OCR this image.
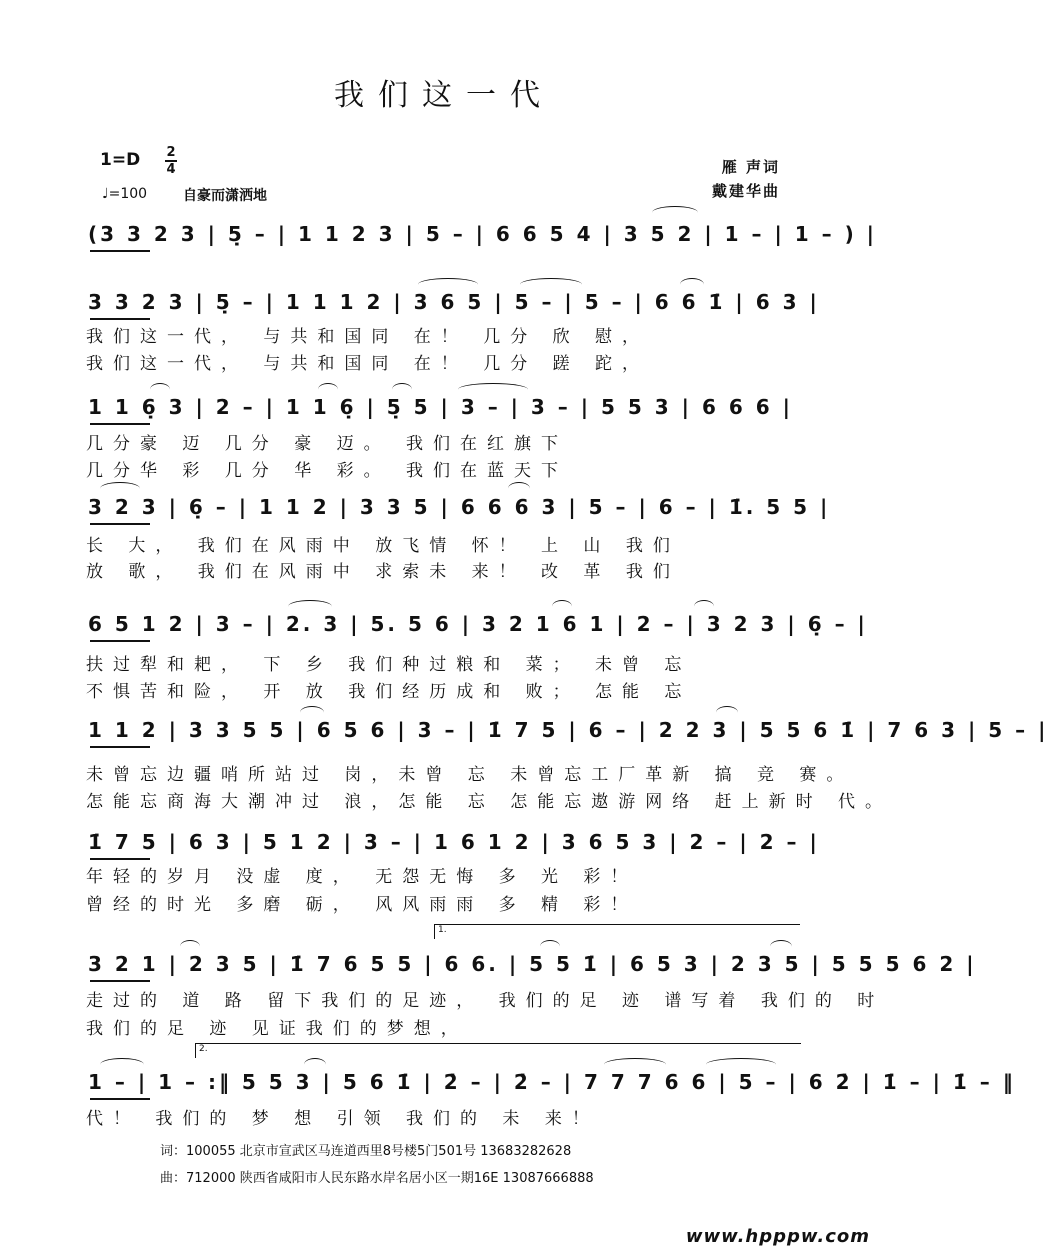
我们这一代
1=D 2
4
♩=100	自豪而潇洒地
雁 声词
戴建华曲
(3 3 2 3 | 5̣ – | 1 1 2 3 | 5 – | 6 6 5 4 | 3 5 2 | 1 – | 1 – ) |
3 3 2 3 | 5̣ – | 1 1 1 2 | 3 6 5 | 5 – | 5 – | 6 6 1̇ | 6 3 |
我们这一代， 与共和国同 在！ 几分 欣 慰，
我们这一代， 与共和国同 在！ 几分 蹉 跎，
1 1 6̣ 3 | 2 – | 1 1 6̣ | 5̣ 5 | 3 – | 3 – | 5 5 3 | 6 6 6 |
几分豪 迈 几分 豪 迈。 我们在红旗下
几分华 彩 几分 华 彩。 我们在蓝天下
3 2 3 | 6̣ – | 1 1 2 | 3 3 5 | 6 6 6 3 | 5 – | 6 – | 1̇. 5 5 |
长 大， 我们在风雨中 放飞情 怀！ 上 山 我们
放 歌， 我们在风雨中 求索未 来！ 改 革 我们
6 5 1 2 | 3 – | 2. 3 | 5. 5 6 | 3 2 1 6 1 | 2 – | 3 2 3 | 6̣ – |
扶过犁和耙， 下 乡 我们种过粮和 菜； 未曾 忘
不惧苦和险， 开 放 我们经历成和 败； 怎能 忘
1 1 2 | 3 3 5 5 | 6 5 6 | 3 – | 1̇ 7 5 | 6 – | 2 2 3 | 5 5 6 1̇ | 7 6 3 | 5 – |
未曾忘边疆哨所站过 岗，未曾 忘 未曾忘工厂革新 搞 竞 赛。
怎能忘商海大潮冲过 浪，怎能 忘 怎能忘遨游网络 赶上新时 代。
1̇ 7 5 | 6 3 | 5 1 2 | 3 – | 1 6 1 2 | 3 6 5 3 | 2 – | 2 – |
年轻的岁月 没虚 度， 无怨无悔 多 光 彩！
曾经的时光 多磨 砺， 风风雨雨 多 精 彩！
3 2 1 | 2 3 5 | 1̇ 7 6 5 5 | 6 6. | 5 5 1̇ | 6 5 3 | 2 3 5 | 5 5 5 6 2 |
走过的 道 路 留下我们的足迹， 我们的足 迹 谱写着 我们的 时
我们的足 迹 见证我们的梦想，
1 – | 1 – :‖ 5 5 3 | 5 6 1̇ | 2̇ – | 2̇ – | 7 7 7 6 6 | 5 – | 6 2̇ | 1̇ – | 1̇ – ‖
代！ 我们的 梦 想 引领 我们的 未 来！
1.
2.
词：100055 北京市宣武区马连道西里8号楼5门501号 13683282628
曲：712000 陕西省咸阳市人民东路水岸名居小区一期16E 13087666888
www.hpppw.com
